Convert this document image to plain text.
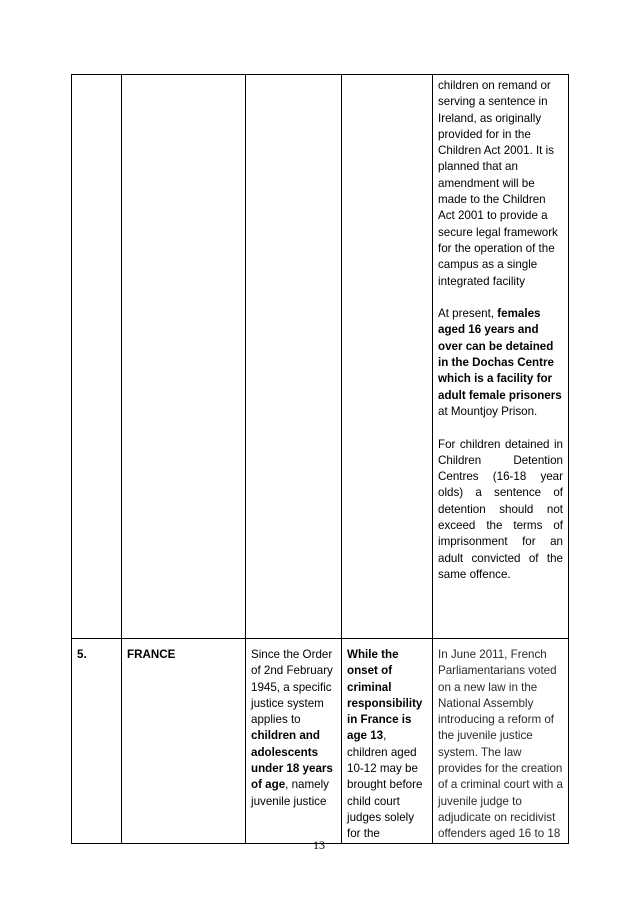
				children on remand or serving a sentence in Ireland, as originally provided for in the Children Act 2001. It is planned that an amendment will be made to the Children Act 2001 to provide a secure legal framework for the operation of the campus as a single integrated facility

At present, females aged 16 years and over can be detained in the Dochas Centre which is a facility for adult female prisoners at Mountjoy Prison.

For children detained in Children Detention Centres (16-18 year olds) a sentence of detention should not exceed the terms of imprisonment for an adult convicted of the same offence.

5.	FRANCE	Since the Order of 2nd February 1945, a specific justice system applies to children and adolescents under 18 years of age, namely juvenile justice	While the onset of criminal responsibility in France is age 13, children aged 10-12 may be brought before child court judges solely for the	In June 2011, French Parliamentarians voted on a new law in the National Assembly introducing a reform of the juvenile justice system. The law provides for the creation of a criminal court with a juvenile judge to adjudicate on recidivist offenders aged 16 to 18
13
